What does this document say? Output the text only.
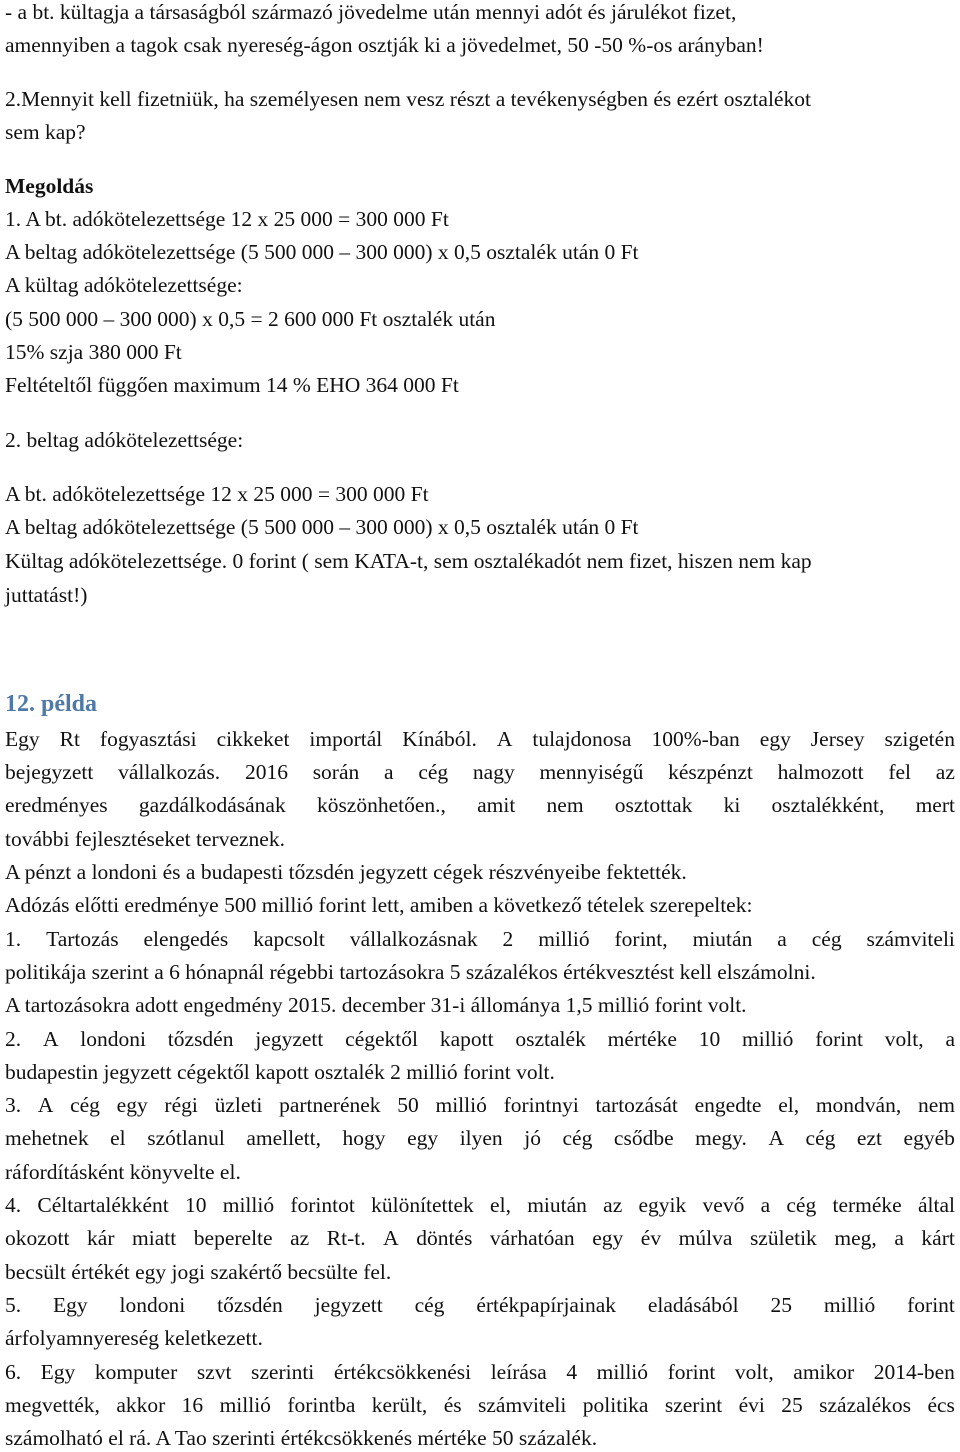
- a bt. kültagja a társaságból származó jövedelme után mennyi adót és járulékot fizet,
amennyiben a tagok csak nyereség-ágon osztják ki a jövedelmet, 50 -50 %-os arányban!
2.Mennyit kell fizetniük, ha személyesen nem vesz részt a tevékenységben és ezért osztalékot
sem kap?
Megoldás
1. A bt. adókötelezettsége 12 x 25 000 = 300 000 Ft
A beltag adókötelezettsége (5 500 000 – 300 000) x 0,5 osztalék után 0 Ft
A kültag adókötelezettsége:
(5 500 000 – 300 000) x 0,5 = 2 600 000 Ft osztalék után
15% szja 380 000 Ft
Feltételtől függően maximum 14 % EHO 364 000 Ft
2. beltag adókötelezettsége:
A bt. adókötelezettsége 12 x 25 000 = 300 000 Ft
A beltag adókötelezettsége (5 500 000 – 300 000) x 0,5 osztalék után 0 Ft
Kültag adókötelezettsége. 0 forint ( sem KATA-t, sem osztalékadót nem fizet, hiszen nem kap
juttatást!)
12. példa
Egy Rt fogyasztási cikkeket importál Kínából. A tulajdonosa 100%-ban egy Jersey szigetén
bejegyzett vállalkozás. 2016 során a cég nagy mennyiségű készpénzt halmozott fel az
eredményes gazdálkodásának köszönhetően., amit nem osztottak ki osztalékként, mert
további fejlesztéseket terveznek.
A pénzt a londoni és a budapesti tőzsdén jegyzett cégek részvényeibe fektették.
Adózás előtti eredménye 500 millió forint lett, amiben a következő tételek szerepeltek:
1. Tartozás elengedés kapcsolt vállalkozásnak 2 millió forint, miután a cég számviteli
politikája szerint a 6 hónapnál régebbi tartozásokra 5 százalékos értékvesztést kell elszámolni.
A tartozásokra adott engedmény 2015. december 31-i állománya 1,5 millió forint volt.
2. A londoni tőzsdén jegyzett cégektől kapott osztalék mértéke 10 millió forint volt, a
budapestin jegyzett cégektől kapott osztalék 2 millió forint volt.
3. A cég egy régi üzleti partnerének 50 millió forintnyi tartozását engedte el, mondván, nem
mehetnek el szótlanul amellett, hogy egy ilyen jó cég csődbe megy. A cég ezt egyéb
ráfordításként könyvelte el.
4. Céltartalékként 10 millió forintot különítettek el, miután az egyik vevő a cég terméke által
okozott kár miatt beperelte az Rt-t. A döntés várhatóan egy év múlva születik meg, a kárt
becsült értékét egy jogi szakértő becsülte fel.
5. Egy londoni tőzsdén jegyzett cég értékpapírjainak eladásából 25 millió forint
árfolyamnyereség keletkezett.
6. Egy komputer szvt szerinti értékcsökkenési leírása 4 millió forint volt, amikor 2014-ben
megvették, akkor 16 millió forintba került, és számviteli politika szerint évi 25 százalékos écs
számolható el rá. A Tao szerinti értékcsökkenés mértéke 50 százalék.
